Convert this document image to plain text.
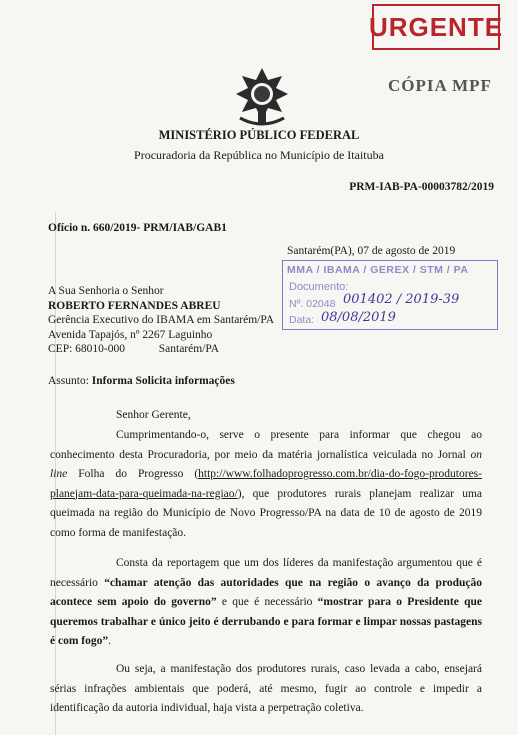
URGENTE
CÓPIA MPF
MINISTÉRIO PÚBLICO FEDERAL
Procuradoria da República no Município de Itaituba
PRM-IAB-PA-00003782/2019
Ofício n. 660/2019- PRM/IAB/GAB1
Santarém(PA), 07 de agosto de 2019
MMA / IBAMA / GEREX / STM / PA
Documento:
Nº. 02048 001402 / 2019-39
Data: 08/08/2019
A Sua Senhoria o Senhor
ROBERTO FERNANDES ABREU
Gerência Executivo do IBAMA em Santarém/PA
Avenida Tapajós, nº 2267 Laguinho
CEP: 68010-000	Santarém/PA
Assunto: Informa Solicita informações
Senhor Gerente,
Cumprimentando-o, serve o presente para informar que chegou ao conhecimento desta Procuradoria, por meio da matéria jornalística veiculada no Jornal on line Folha do Progresso (http://www.folhadoprogresso.com.br/dia-do-fogo-produtores-planejam-data-para-queimada-na-regiao/), que produtores rurais planejam realizar uma queimada na região do Município de Novo Progresso/PA na data de 10 de agosto de 2019 como forma de manifestação.
Consta da reportagem que um dos líderes da manifestação argumentou que é necessário “chamar atenção das autoridades que na região o avanço da produção acontece sem apoio do governo” e que é necessário “mostrar para o Presidente que queremos trabalhar e único jeito é derrubando e para formar e limpar nossas pastagens é com fogo”.
Ou seja, a manifestação dos produtores rurais, caso levada a cabo, ensejará sérias infrações ambientais que poderá, até mesmo, fugir ao controle e impedir a identificação da autoria individual, haja vista a perpetração coletiva.
